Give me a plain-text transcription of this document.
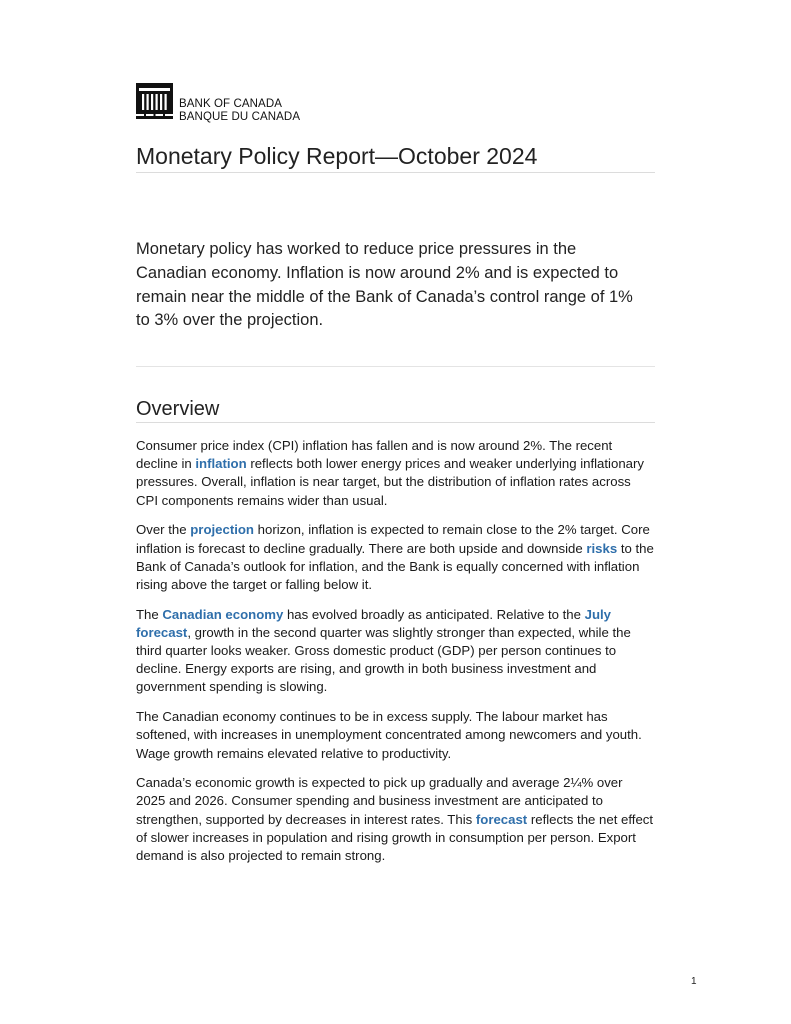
BANK OF CANADA
BANQUE DU CANADA
Monetary Policy Report—October 2024

Monetary policy has worked to reduce price pressures in the Canadian economy. Inflation is now around 2% and is expected to remain near the middle of the Bank of Canada’s control range of 1% to 3% over the projection.

Overview

Consumer price index (CPI) inflation has fallen and is now around 2%. The recent decline in inflation reflects both lower energy prices and weaker underlying inflationary pressures. Overall, inflation is near target, but the distribution of inflation rates across CPI components remains wider than usual.

Over the projection horizon, inflation is expected to remain close to the 2% target. Core inflation is forecast to decline gradually. There are both upside and downside risks to the Bank of Canada’s outlook for inflation, and the Bank is equally concerned with inflation rising above the target or falling below it.

The Canadian economy has evolved broadly as anticipated. Relative to the July forecast, growth in the second quarter was slightly stronger than expected, while the third quarter looks weaker. Gross domestic product (GDP) per person continues to decline. Energy exports are rising, and growth in both business investment and government spending is slowing.

The Canadian economy continues to be in excess supply. The labour market has softened, with increases in unemployment concentrated among newcomers and youth. Wage growth remains elevated relative to productivity.

Canada’s economic growth is expected to pick up gradually and average 2¼% over 2025 and 2026. Consumer spending and business investment are anticipated to strengthen, supported by decreases in interest rates. This forecast reflects the net effect of slower increases in population and rising growth in consumption per person. Export demand is also projected to remain strong.

1
